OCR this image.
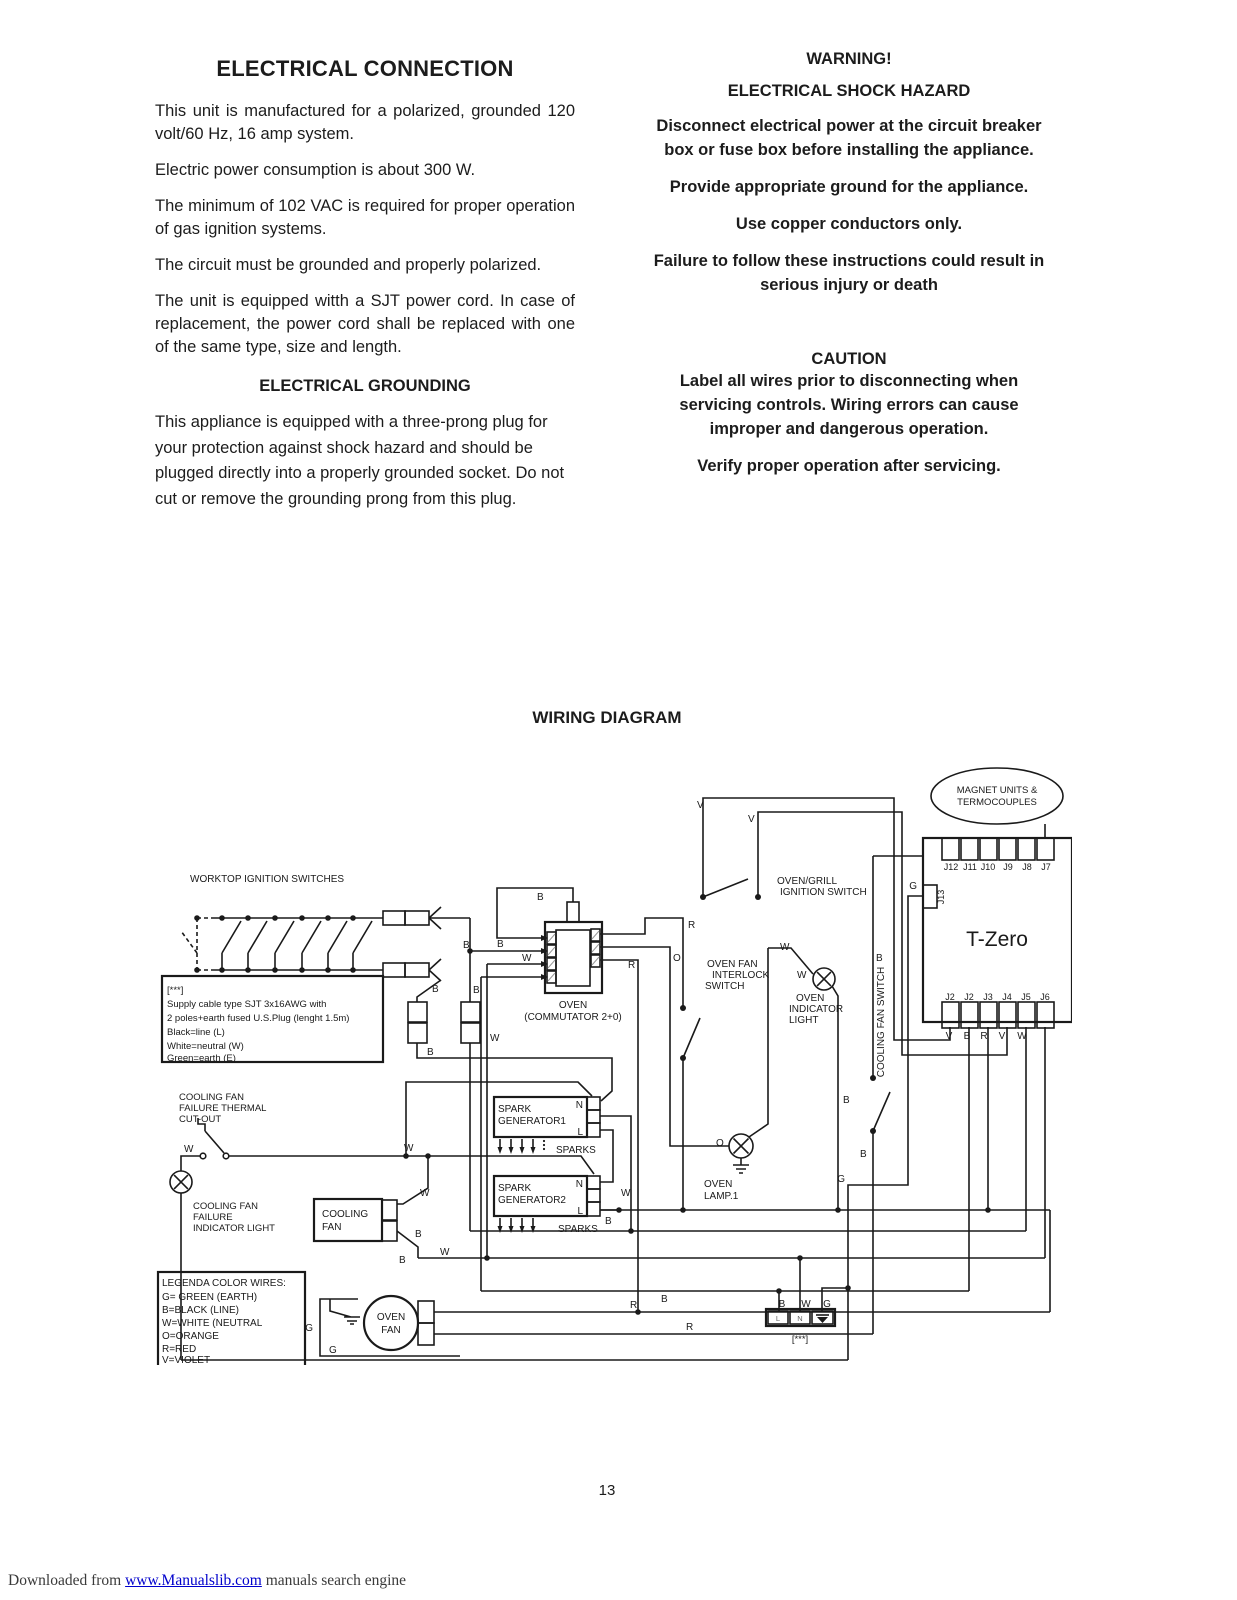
ELECTRICAL CONNECTION

This unit is manufactured for a polarized, grounded 120 volt/60 Hz, 16 amp system.

Electric power consumption is about 300 W.

The minimum of 102 VAC is required for proper operation of gas ignition systems.

The circuit must be grounded and properly polarized.

The unit is equipped witth a SJT power cord. In case of replacement, the power cord shall be replaced with one of the same type, size and length.

ELECTRICAL GROUNDING

This appliance is equipped with a three-prong plug for your protection against shock hazard and should be plugged directly into a properly grounded socket. Do not cut or remove the grounding prong from this plug.

WARNING!
ELECTRICAL SHOCK HAZARD

Disconnect electrical power at the circuit breaker box or fuse box before installing the appliance.

Provide appropriate ground for the appliance.

Use copper conductors only.

Failure to follow these instructions could result in serious injury or death

CAUTION

Label all wires prior to disconnecting when servicing controls. Wiring errors can cause improper and dangerous operation.

Verify proper operation after servicing.

WIRING DIAGRAM
WORKTOP IGNITION SWITCHES
[***]
Supply cable type SJT 3x16AWG with
2 poles+earth fused U.S.Plug (lenght 1.5m)
Black=line (L)
White=neutral (W)
Green=earth (E)
OVEN/GRILL
IGNITION SWITCH
OVEN
(COMMUTATOR 2+0)
OVEN FAN
INTERLOCK
SWITCH
OVEN
INDICATOR
LIGHT	COOLING FAN SWITCH
MAGNET UNITS &
TERMOCOUPLES
T-Zero
J12 J11 J10 J9 J8 J7
J13
G
J2 J2 J3 J4 J5 J6
V B R V W
B
B	B
W
B
W
B
B
R
O
R
W
W
B
B
B
G
W	W
W
B
B
W
W
B
O
OVEN
LAMP.1
R
R
B	B W G
[***]
L N
V
V
G
G
SPARK
GENERATOR1
N
L
SPARKS
SPARK
GENERATOR2
N
L
SPARKS
COOLING
FAN
COOLING FAN
FAILURE THERMAL
CUT-OUT
COOLING FAN
FAILURE
INDICATOR LIGHT
OVEN
FAN
LEGENDA COLOR WIRES:
G= GREEN (EARTH)
B=BLACK (LINE)
W=WHITE (NEUTRAL
O=ORANGE
R=RED
V=VIOLET
13
Downloaded from www.Manualslib.com manuals search engine
